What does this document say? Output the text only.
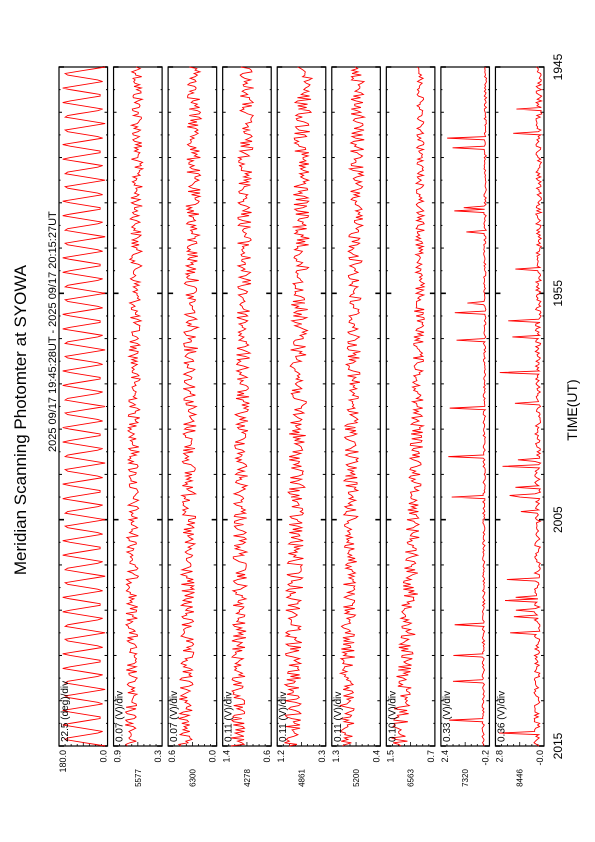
Meridian Scanning Photomter at SYOWA 2025 09/17 19:45:28UT - 2025 09/17 20:15:27UT	TIME(UT)
22.5 (deg)/div
180.0	0.0
0.07 (V)/div
0.9	0.3
5577
0.07 (V)/div
0.6	0.0
6300
0.11 (V)/div
1.4	0.6
4278
0.11 (V)/div
1.2	0.3
4861
0.11 (V)/div
1.3	0.4
5200
0.10 (V)/div
1.5	0.7
6563
0.33 (V)/div
2.4	-0.2
7320
0.36 (V)/div
2.8	-0.0
8446
1945
1955
2005
2015
